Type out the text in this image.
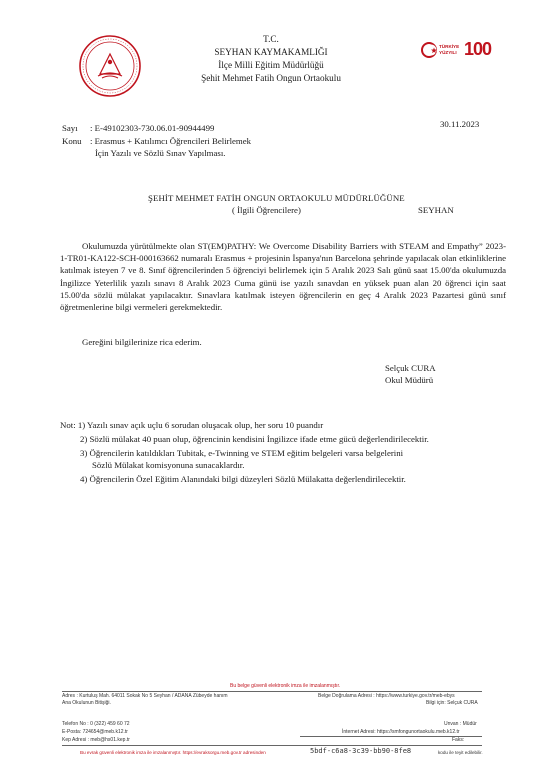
T.C.
SEYHAN KAYMAKAMLIĞI
İlçe Milli Eğitim Müdürlüğü
Şehit Mehmet Fatih Ongun Ortaokulu
TÜRKİYE
YÜZYILI 100
Sayı : E-49102303-730.06.01-90944499	30.11.2023
Konu : Erasmus + Katılımcı Öğrencileri Belirlemek
İçin Yazılı ve Sözlü Sınav Yapılması.
ŞEHİT MEHMET FATİH ONGUN ORTAOKULU MÜDÜRLÜĞÜNE
( İlgili Öğrencilere)	SEYHAN
Okulumuzda yürütülmekte olan ST(EM)PATHY: We Overcome Disability Barriers with STEAM and Empathy” 2023-1-TR01-KA122-SCH-000163662 numaralı Erasmus + projesinin İspanya'nın Barcelona şehrinde yapılacak olan etkinliklerine katılmak isteyen 7 ve 8. Sınıf öğrencilerinden 5 öğrenciyi belirlemek için 5 Aralık 2023 Salı günü saat 15.00'da okulumuzda İngilizce Yeterlilik yazılı sınavı 8 Aralık 2023 Cuma günü ise yazılı sınavdan en yüksek puan alan 20 öğrenci için saat 15.00'da sözlü mülakat yapılacaktır. Sınavlara katılmak isteyen öğrencilerin en geç 4 Aralık 2023 Pazartesi günü sınıf öğretmenlerine bilgi vermeleri gerekmektedir.
Gereğini bilgilerinize rica ederim.
Selçuk CURA
Okul Müdürü
Not: 1) Yazılı sınav açık uçlu 6 sorudan oluşacak olup, her soru 10 puandır
2) Sözlü mülakat 40 puan olup, öğrencinin kendisini İngilizce ifade etme gücü değerlendirilecektir.
3) Öğrencilerin katıldıkları Tubitak, e-Twinning ve STEM eğitim belgeleri varsa belgelerini
Sözlü Mülakat komisyonuna sunacaklardır.
4) Öğrencilerin Özel Eğitim Alanındaki bilgi düzeyleri Sözlü Mülakatta değerlendirilecektir.
Bu belge güvenli elektronik imza ile imzalanmıştır.
Adres : Kurtuluş Mah. 64011 Sokak No 5 Seyhan / ADANA Zübeyde hanım
Ana Okulunun Bitişiği.
Belge Doğrulama Adresi : https://www.turkiye.gov.tr/meb-ebys
Bilgi için: Selçuk CURA
Telefon No : 0 (322) 459 60 72	Unvan : Müdür
E-Posta: 724654@meb.k12.tr	İnternet Adresi: https://smfongunortaokulu.meb.k12.tr
Kep Adresi : meb@hs01.kep.tr	Faks:
Bu evrak güvenli elektronik imza ile imzalanmıştır. https://evraksorgu.meb.gov.tr adresinden	5bdf-c6a8-3c39-bb90-8fe8	kodu ile teyit edilebilir.
